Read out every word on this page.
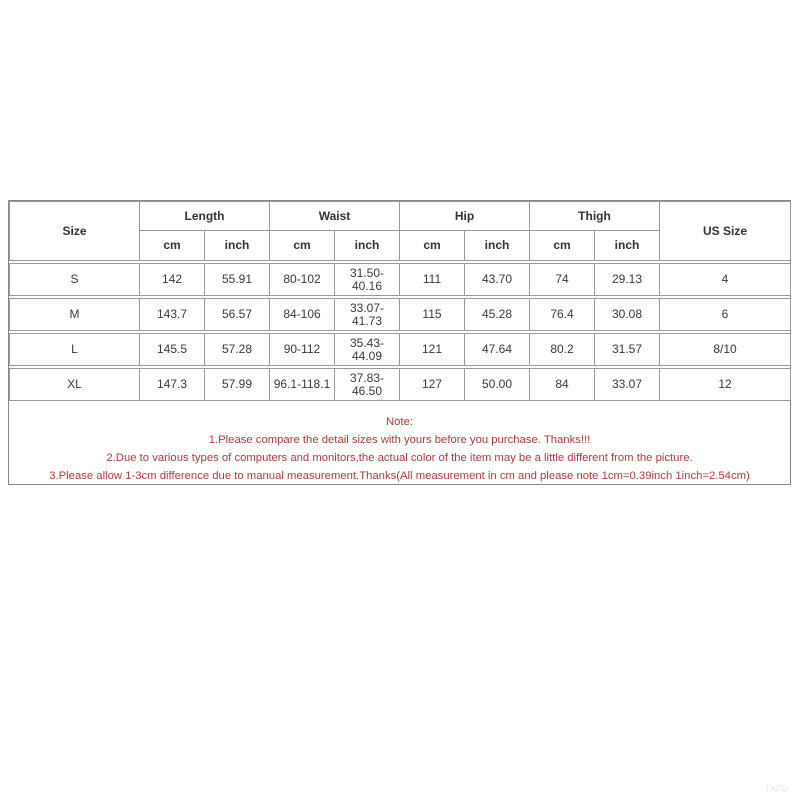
Size	Length		Waist		Hip		Thigh		US Size
	cm	inch	cm	inch	cm	inch	cm	inch	

S	142	55.91	80-102	31.50-40.16	111	43.70	74	29.13	4

M	143.7	56.57	84-106	33.07-41.73	115	45.28	76.4	30.08	6

L	145.5	57.28	90-112	35.43-44.09	121	47.64	80.2	31.57	8/10

XL	147.3	57.99	96.1-118.1	37.83-46.50	127	50.00	84	33.07	12
Note:
1.Please compare the detail sizes with yours before you purchase. Thanks!!!
2.Due to various types of computers and monitors,the actual color of the item may be a little different from the picture.
3.Please allow 1-3cm difference due to manual measurement.Thanks(All measurement in cm and please note 1cm=0.39inch 1inch=2.54cm)
TXFD
